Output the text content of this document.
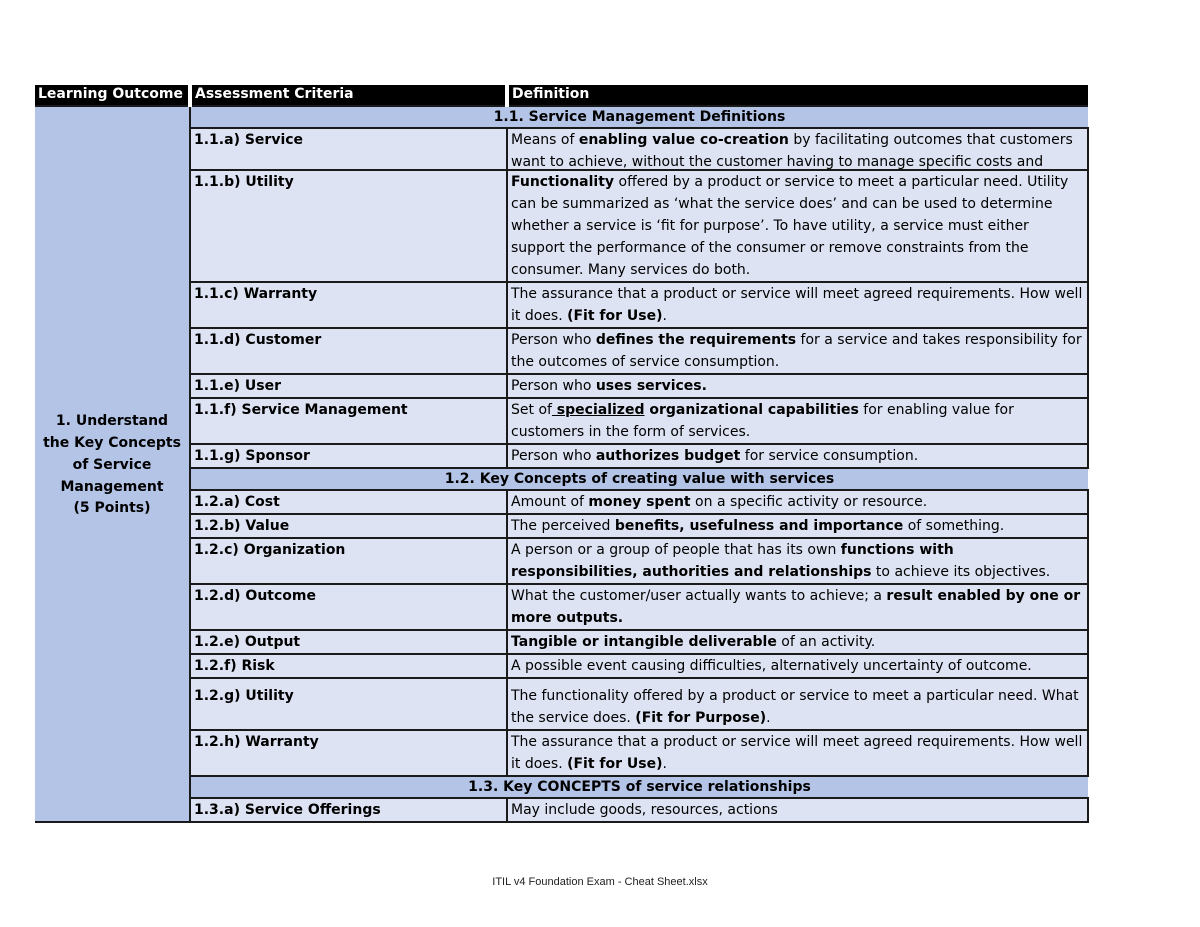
Learning Outcome	Assessment Criteria	Definition

1. Understand the Key Concepts of Service Management
(5 Points)	1.1. Service Management Definitions	
	1.1.a) Service	Means of enabling value co-creation by facilitating outcomes that customers want to achieve, without the customer having to manage specific costs and

	1.1.b) Utility	Functionality offered by a product or service to meet a particular need. Utility can be summarized as ‘what the service does’ and can be used to determine whether a service is ‘fit for purpose’. To have utility, a service must either support the performance of the consumer or remove constraints from the consumer. Many services do both.
	1.1.c) Warranty	The assurance that a product or service will meet agreed requirements. How well it does. (Fit for Use).
	1.1.d) Customer	Person who defines the requirements for a service and takes responsibility for the outcomes of service consumption.
	1.1.e) User	Person who uses services.
	1.1.f) Service Management	Set of specialized organizational capabilities for enabling value for customers in the form of services.
	1.1.g) Sponsor	Person who authorizes budget for service consumption.
	1.2. Key Concepts of creating value with services	
	1.2.a) Cost	Amount of money spent on a specific activity or resource.
	1.2.b) Value	The perceived benefits, usefulness and importance of something.
	1.2.c) Organization	A person or a group of people that has its own functions with responsibilities, authorities and relationships to achieve its objectives.
	1.2.d) Outcome	What the customer/user actually wants to achieve; a result enabled by one or more outputs.
	1.2.e) Output	Tangible or intangible deliverable of an activity.
	1.2.f) Risk	A possible event causing difficulties, alternatively uncertainty of outcome.
	1.2.g) Utility	The functionality offered by a product or service to meet a particular need. What the service does. (Fit for Purpose).
	1.2.h) Warranty	The assurance that a product or service will meet agreed requirements. How well it does. (Fit for Use).
	1.3. Key CONCEPTS of service relationships	
	1.3.a) Service Offerings	May include goods, resources, actions
ITIL v4 Foundation Exam - Cheat Sheet.xlsx
